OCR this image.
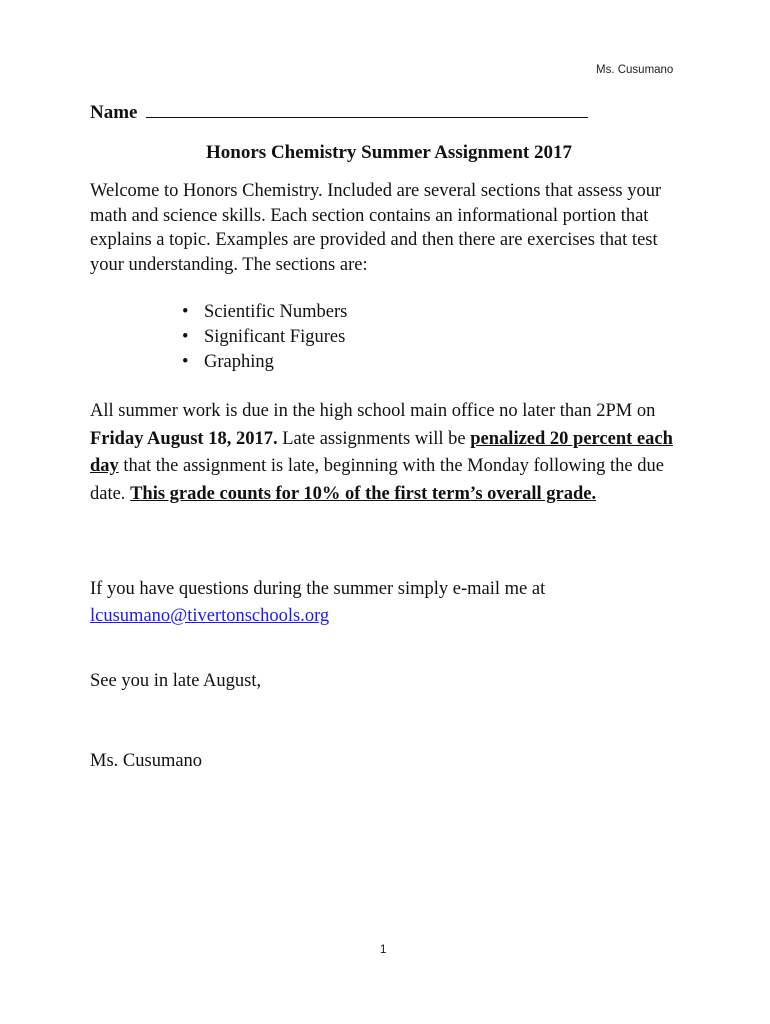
Ms. Cusumano
Name
Honors Chemistry Summer Assignment 2017

Welcome to Honors Chemistry. Included are several sections that assess your math and science skills. Each section contains an informational portion that explains a topic. Examples are provided and then there are exercises that test your understanding. The sections are:

• Scientific Numbers
• Significant Figures
• Graphing

All summer work is due in the high school main office no later than 2PM on Friday August 18, 2017. Late assignments will be penalized 20 percent each day that the assignment is late, beginning with the Monday following the due date. This grade counts for 10% of the first term’s overall grade.

If you have questions during the summer simply e-mail me at
lcusumano@tivertonschools.org

See you in late August,
Ms. Cusumano
1
